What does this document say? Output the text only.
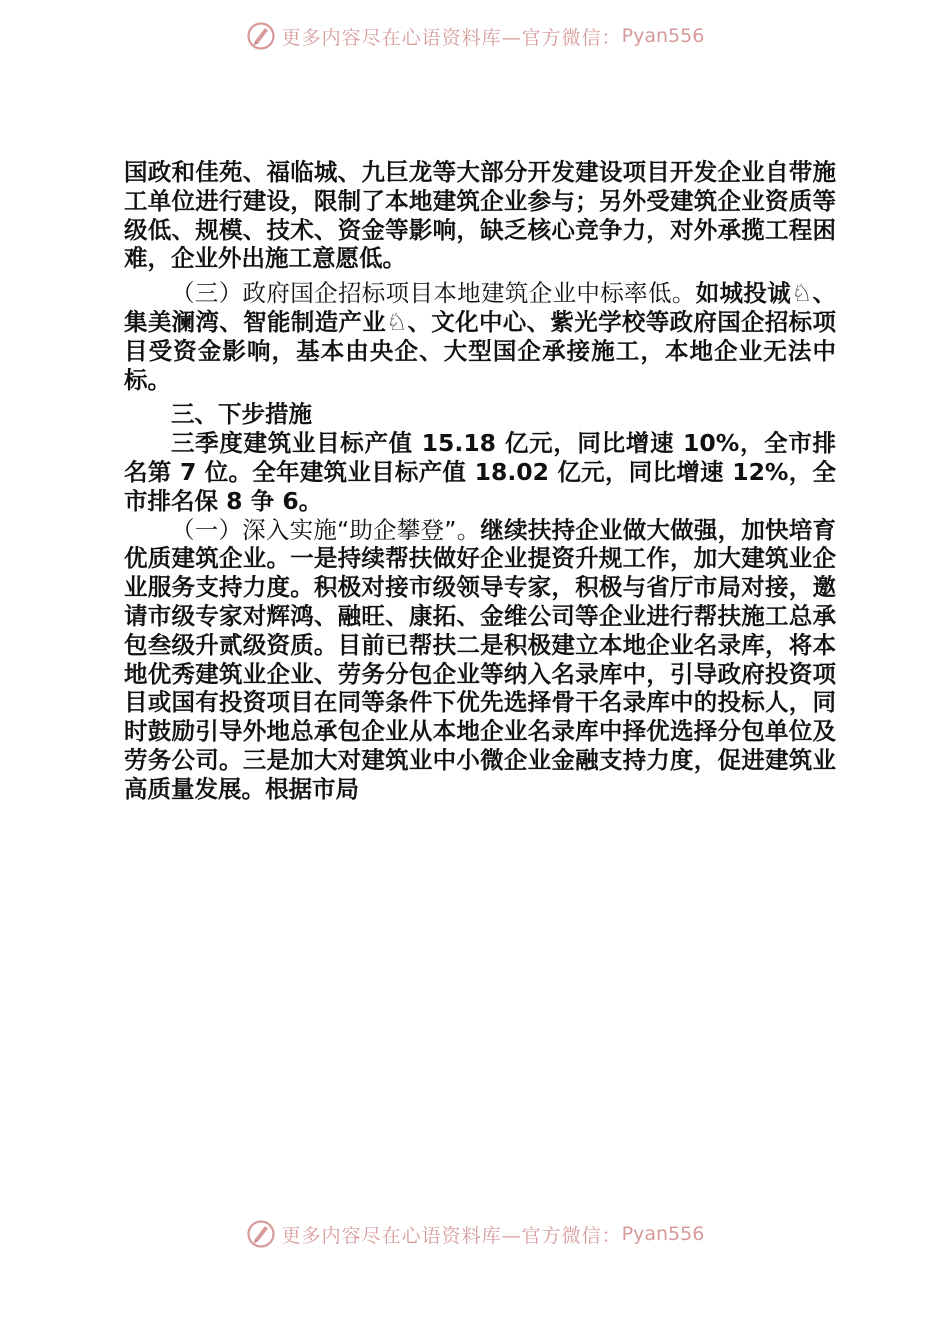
更多内容尽在心语资料库—官方微信： Pyan556

国政和佳苑、福临城、九巨龙等大部分开发建设项目开发企业自带施工单位进行建设，限制了本地建筑企业参与；另外受建筑企业资质等级低、规模、技术、资金等影响，缺乏核心竞争力，对外承揽工程困难，企业外出施工意愿低。

（三）政府国企招标项目本地建筑企业中标率低。如城投诚♘、集美澜湾、智能制造产业♘、文化中心、紫光学校等政府国企招标项目受资金影响，基本由央企、大型国企承接施工，本地企业无法中标。

三、下步措施

三季度建筑业目标产值 15.18 亿元，同比增速 10%，全市排名第 7 位。全年建筑业目标产值 18.02 亿元，同比增速 12%，全市排名保 8 争 6。

（一）深入实施“助企攀登”。继续扶持企业做大做强，加快培育优质建筑企业。一是持续帮扶做好企业提资升规工作，加大建筑业企业服务支持力度。积极对接市级领导专家，积极与省厅市局对接，邀请市级专家对辉鸿、融旺、康拓、金维公司等企业进行帮扶施工总承包叁级升贰级资质。目前已帮扶二是积极建立本地企业名录库，将本地优秀建筑业企业、劳务分包企业等纳入名录库中，引导政府投资项目或国有投资项目在同等条件下优先选择骨干名录库中的投标人，同时鼓励引导外地总承包企业从本地企业名录库中择优选择分包单位及劳务公司。三是加大对建筑业中小微企业金融支持力度，促进建筑业高质量发展。根据市局

更多内容尽在心语资料库—官方微信： Pyan556
